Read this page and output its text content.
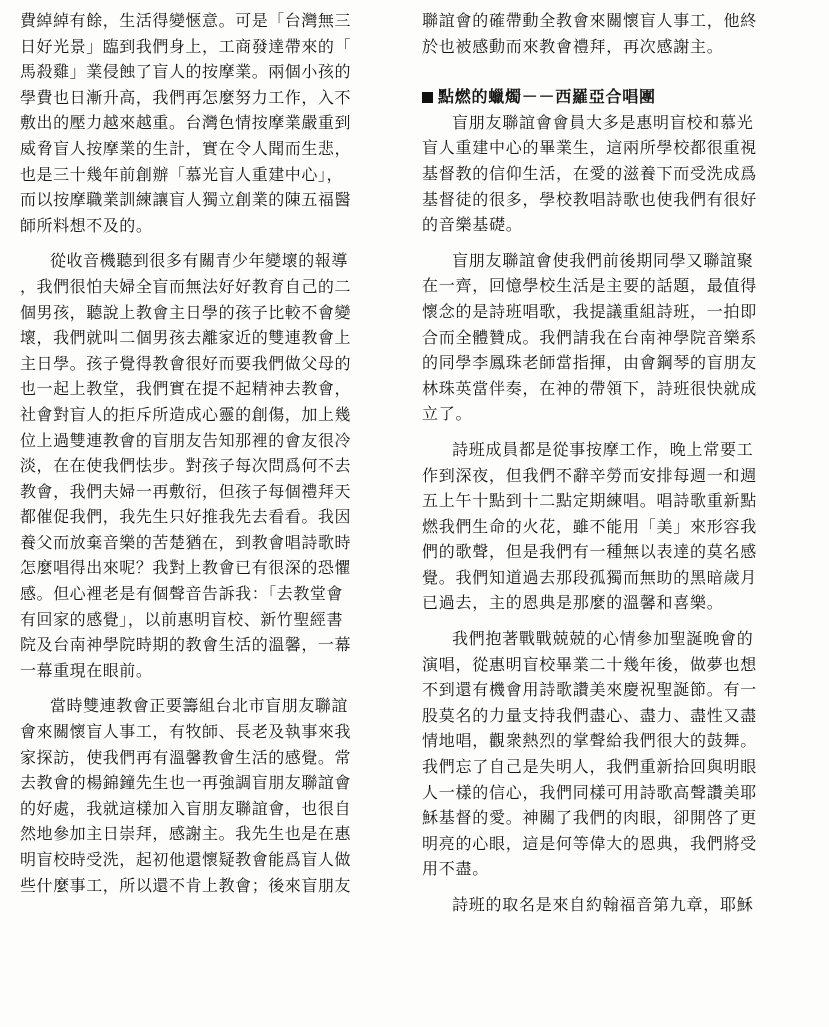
費綽綽有餘，生活得變愜意。可是「台灣無三
日好光景」臨到我們身上，工商發達帶來的「
馬殺雞」業侵蝕了盲人的按摩業。兩個小孩的
學費也日漸升高，我們再怎麼努力工作，入不
敷出的壓力越來越重。台灣色情按摩業嚴重到
威脅盲人按摩業的生計，實在令人聞而生悲，
也是三十幾年前創辦「慕光盲人重建中心」，
而以按摩職業訓練讓盲人獨立創業的陳五福醫
師所料想不及的。
從收音機聽到很多有關青少年變壞的報導
，我們很怕夫婦全盲而無法好好教育自己的二
個男孩，聽說上教會主日學的孩子比較不會變
壞，我們就叫二個男孩去離家近的雙連教會上
主日學。孩子覺得教會很好而要我們做父母的
也一起上教堂，我們實在提不起精神去教會，
社會對盲人的拒斥所造成心靈的創傷，加上幾
位上過雙連教會的盲朋友告知那裡的會友很冷
淡，在在使我們怯步。對孩子每次問爲何不去
教會，我們夫婦一再敷衍，但孩子每個禮拜天
都催促我們，我先生只好推我先去看看。我因
養父而放棄音樂的苦楚猶在，到教會唱詩歌時
怎麼唱得出來呢？我對上教會已有很深的恐懼
感。但心裡老是有個聲音告訴我：「去教堂會
有回家的感覺」，以前惠明盲校、新竹聖經書
院及台南神學院時期的教會生活的溫馨，一幕
一幕重現在眼前。
當時雙連教會正要籌組台北市盲朋友聯誼
會來關懷盲人事工，有牧師、長老及執事來我
家探訪，使我們再有溫馨教會生活的感覺。常
去教會的楊錦鐘先生也一再強調盲朋友聯誼會
的好處，我就這樣加入盲朋友聯誼會，也很自
然地參加主日崇拜，感謝主。我先生也是在惠
明盲校時受洗，起初他還懷疑教會能爲盲人做
些什麼事工，所以還不肯上教會；後來盲朋友
聯誼會的確帶動全教會來關懷盲人事工，他終
於也被感動而來教會禮拜，再次感謝主。
點燃的蠟燭－－西羅亞合唱團
盲朋友聯誼會會員大多是惠明盲校和慕光
盲人重建中心的畢業生，這兩所學校都很重視
基督教的信仰生活，在愛的滋養下而受洗成爲
基督徒的很多，學校教唱詩歌也使我們有很好
的音樂基礎。
盲朋友聯誼會使我們前後期同學又聯誼聚
在一齊，回憶學校生活是主要的話題，最值得
懷念的是詩班唱歌，我提議重組詩班，一拍即
合而全體贊成。我們請我在台南神學院音樂系
的同學李鳳珠老師當指揮，由會鋼琴的盲朋友
林珠英當伴奏，在神的帶領下，詩班很快就成
立了。
詩班成員都是從事按摩工作，晚上常要工
作到深夜，但我們不辭辛勞而安排每週一和週
五上午十點到十二點定期練唱。唱詩歌重新點
燃我們生命的火花，雖不能用「美」來形容我
們的歌聲，但是我們有一種無以表達的莫名感
覺。我們知道過去那段孤獨而無助的黑暗歲月
已過去，主的恩典是那麼的溫馨和喜樂。
我們抱著戰戰兢兢的心情參加聖誕晚會的
演唱，從惠明盲校畢業二十幾年後，做夢也想
不到還有機會用詩歌讚美來慶祝聖誕節。有一
股莫名的力量支持我們盡心、盡力、盡性又盡
情地唱，觀衆熱烈的掌聲給我們很大的鼓舞。
我們忘了自己是失明人，我們重新拾回與明眼
人一樣的信心，我們同樣可用詩歌高聲讚美耶
穌基督的愛。神關了我們的肉眼，卻開啓了更
明亮的心眼，這是何等偉大的恩典，我們將受
用不盡。
詩班的取名是來自約翰福音第九章，耶穌
